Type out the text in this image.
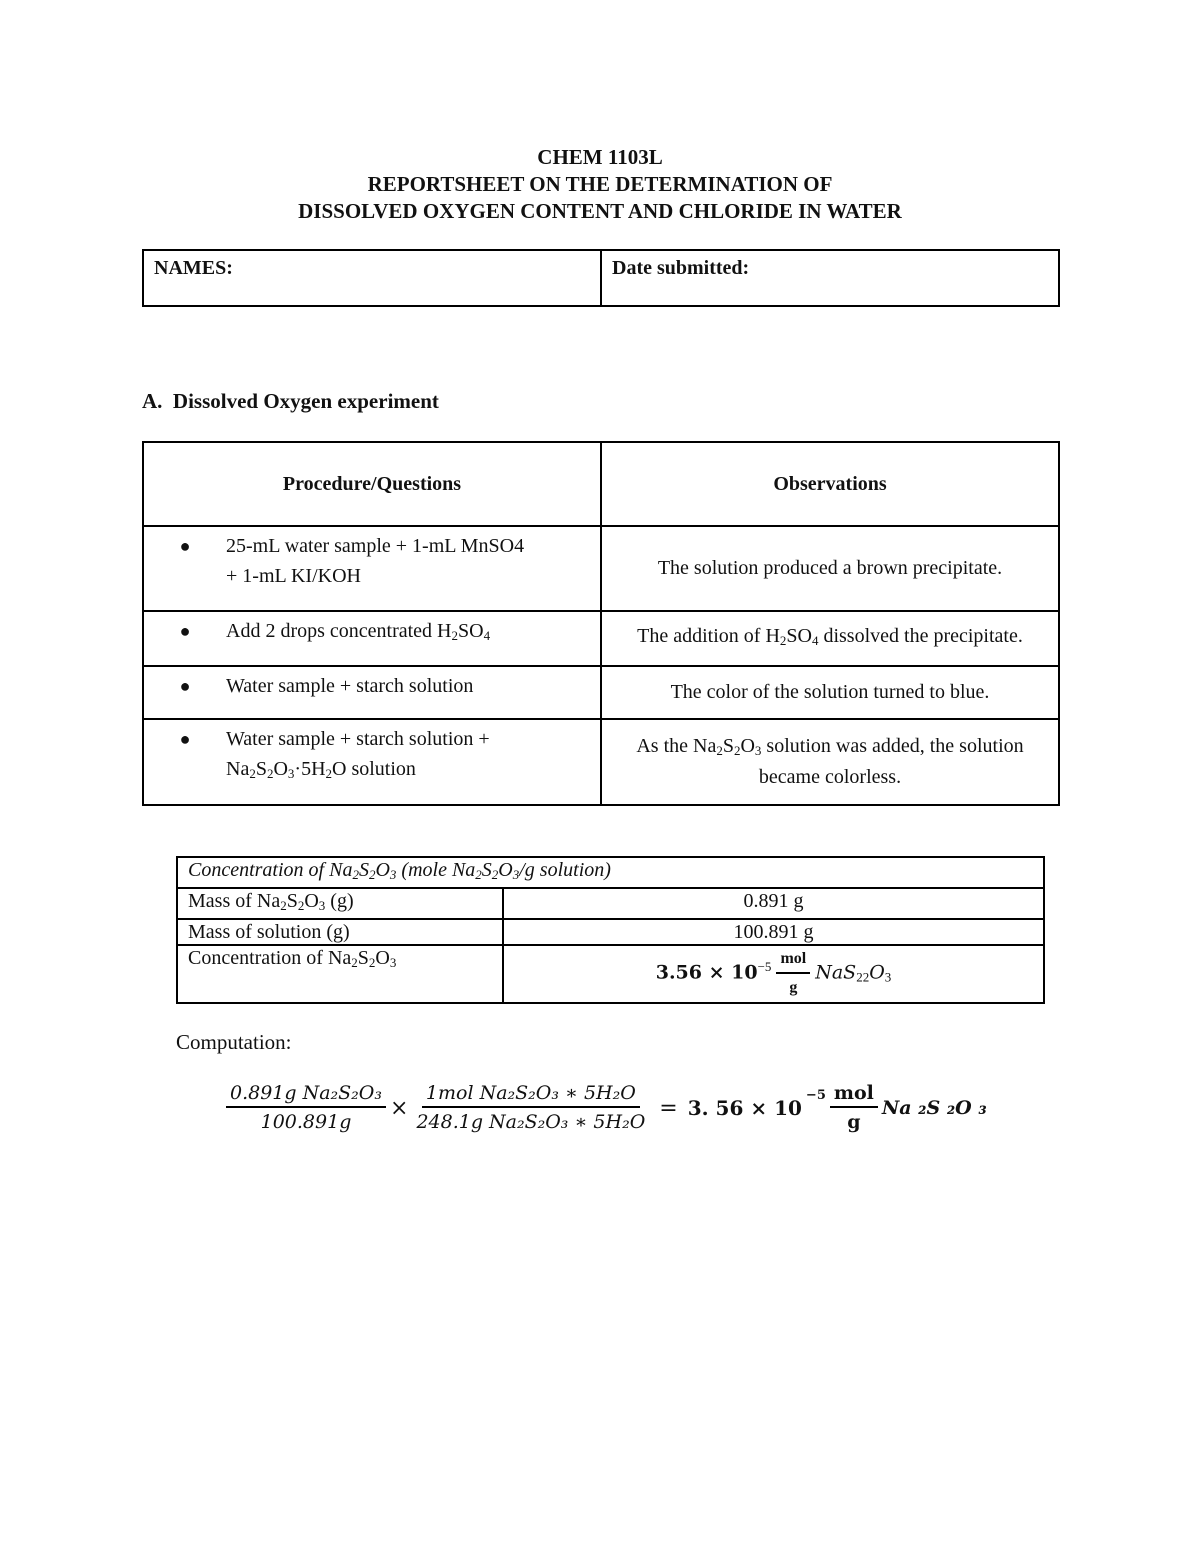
CHEM 1103L
REPORTSHEET ON THE DETERMINATION OF
DISSOLVED OXYGEN CONTENT AND CHLORIDE IN WATER
NAMES:	Date submitted:
A.  Dissolved Oxygen experiment
Procedure/Questions	Observations

● 25-mL water sample + 1-mL MnSO4
+ 1-mL KI/KOH	The solution produced a brown precipitate.

● Add 2 drops concentrated $H_2SO_4$	The addition of $H_2SO_4$ dissolved the precipitate.

● Water sample + starch solution	The color of the solution turned to blue.

● Water sample + starch solution +
$Na_2S_2O_3\cdot 5H_2O$ solution	As the $Na_2S_2O_3$ solution was added, the solution became colorless.
Concentration of $Na_2S_2O_3$ (mole $Na_2S_2O_3/g$ solution)	
Mass of $Na_2S_2O_3$ (g)	0.891 g
Mass of solution (g)	100.891 g
Concentration of $Na_2S_2O_3$	$3.56 \times 10^{-5} \frac{\text{mol}}{g} NaS_{22}O_3$
Computation:
$\frac{\text{0.891g Na₂S₂O₃}}{100.891g} \times \frac{\text{1mol Na₂S₂O₃ ∗ 5H₂O}}{\text{248.1g Na₂S₂O₃ ∗ 5H₂O}} = 3$. 56 × 10
$^{-5} \frac{\text{mol}}{g}$ Na ₂S ₂O ₃
